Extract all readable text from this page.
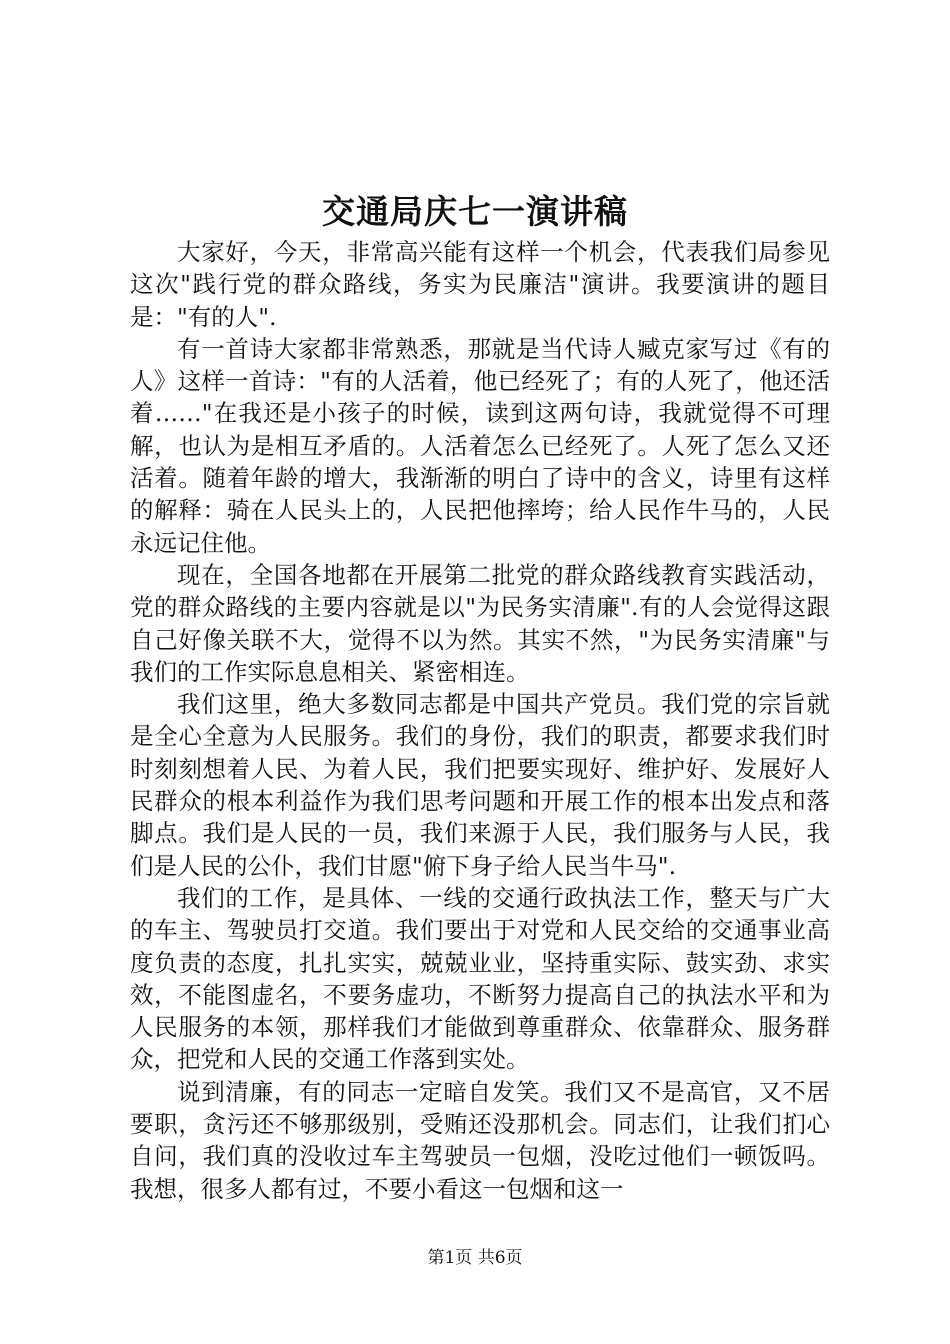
交通局庆七一演讲稿

大家好，今天，非常高兴能有这样一个机会，代表我们局参见这次"践行党的群众路线，务实为民廉洁"演讲。我要演讲的题目是："有的人".

有一首诗大家都非常熟悉，那就是当代诗人臧克家写过《有的人》这样一首诗："有的人活着，他已经死了；有的人死了，他还活着……"在我还是小孩子的时候，读到这两句诗，我就觉得不可理解，也认为是相互矛盾的。人活着怎么已经死了。人死了怎么又还活着。随着年龄的增大，我渐渐的明白了诗中的含义，诗里有这样的解释：骑在人民头上的，人民把他摔垮；给人民作牛马的，人民永远记住他。

现在，全国各地都在开展第二批党的群众路线教育实践活动，党的群众路线的主要内容就是以"为民务实清廉".有的人会觉得这跟自己好像关联不大，觉得不以为然。其实不然，"为民务实清廉"与我们的工作实际息息相关、紧密相连。

我们这里，绝大多数同志都是中国共产党员。我们党的宗旨就是全心全意为人民服务。我们的身份，我们的职责，都要求我们时时刻刻想着人民、为着人民，我们把要实现好、维护好、发展好人民群众的根本利益作为我们思考问题和开展工作的根本出发点和落脚点。我们是人民的一员，我们来源于人民，我们服务与人民，我们是人民的公仆，我们甘愿"俯下身子给人民当牛马".

我们的工作，是具体、一线的交通行政执法工作，整天与广大的车主、驾驶员打交道。我们要出于对党和人民交给的交通事业高度负责的态度，扎扎实实，兢兢业业，坚持重实际、鼓实劲、求实效，不能图虚名，不要务虚功，不断努力提高自己的执法水平和为人民服务的本领，那样我们才能做到尊重群众、依靠群众、服务群众，把党和人民的交通工作落到实处。

说到清廉，有的同志一定暗自发笑。我们又不是高官，又不居要职，贪污还不够那级别，受贿还没那机会。同志们，让我们扪心自问，我们真的没收过车主驾驶员一包烟，没吃过他们一顿饭吗。我想，很多人都有过，不要小看这一包烟和这一

第1页 共6页
